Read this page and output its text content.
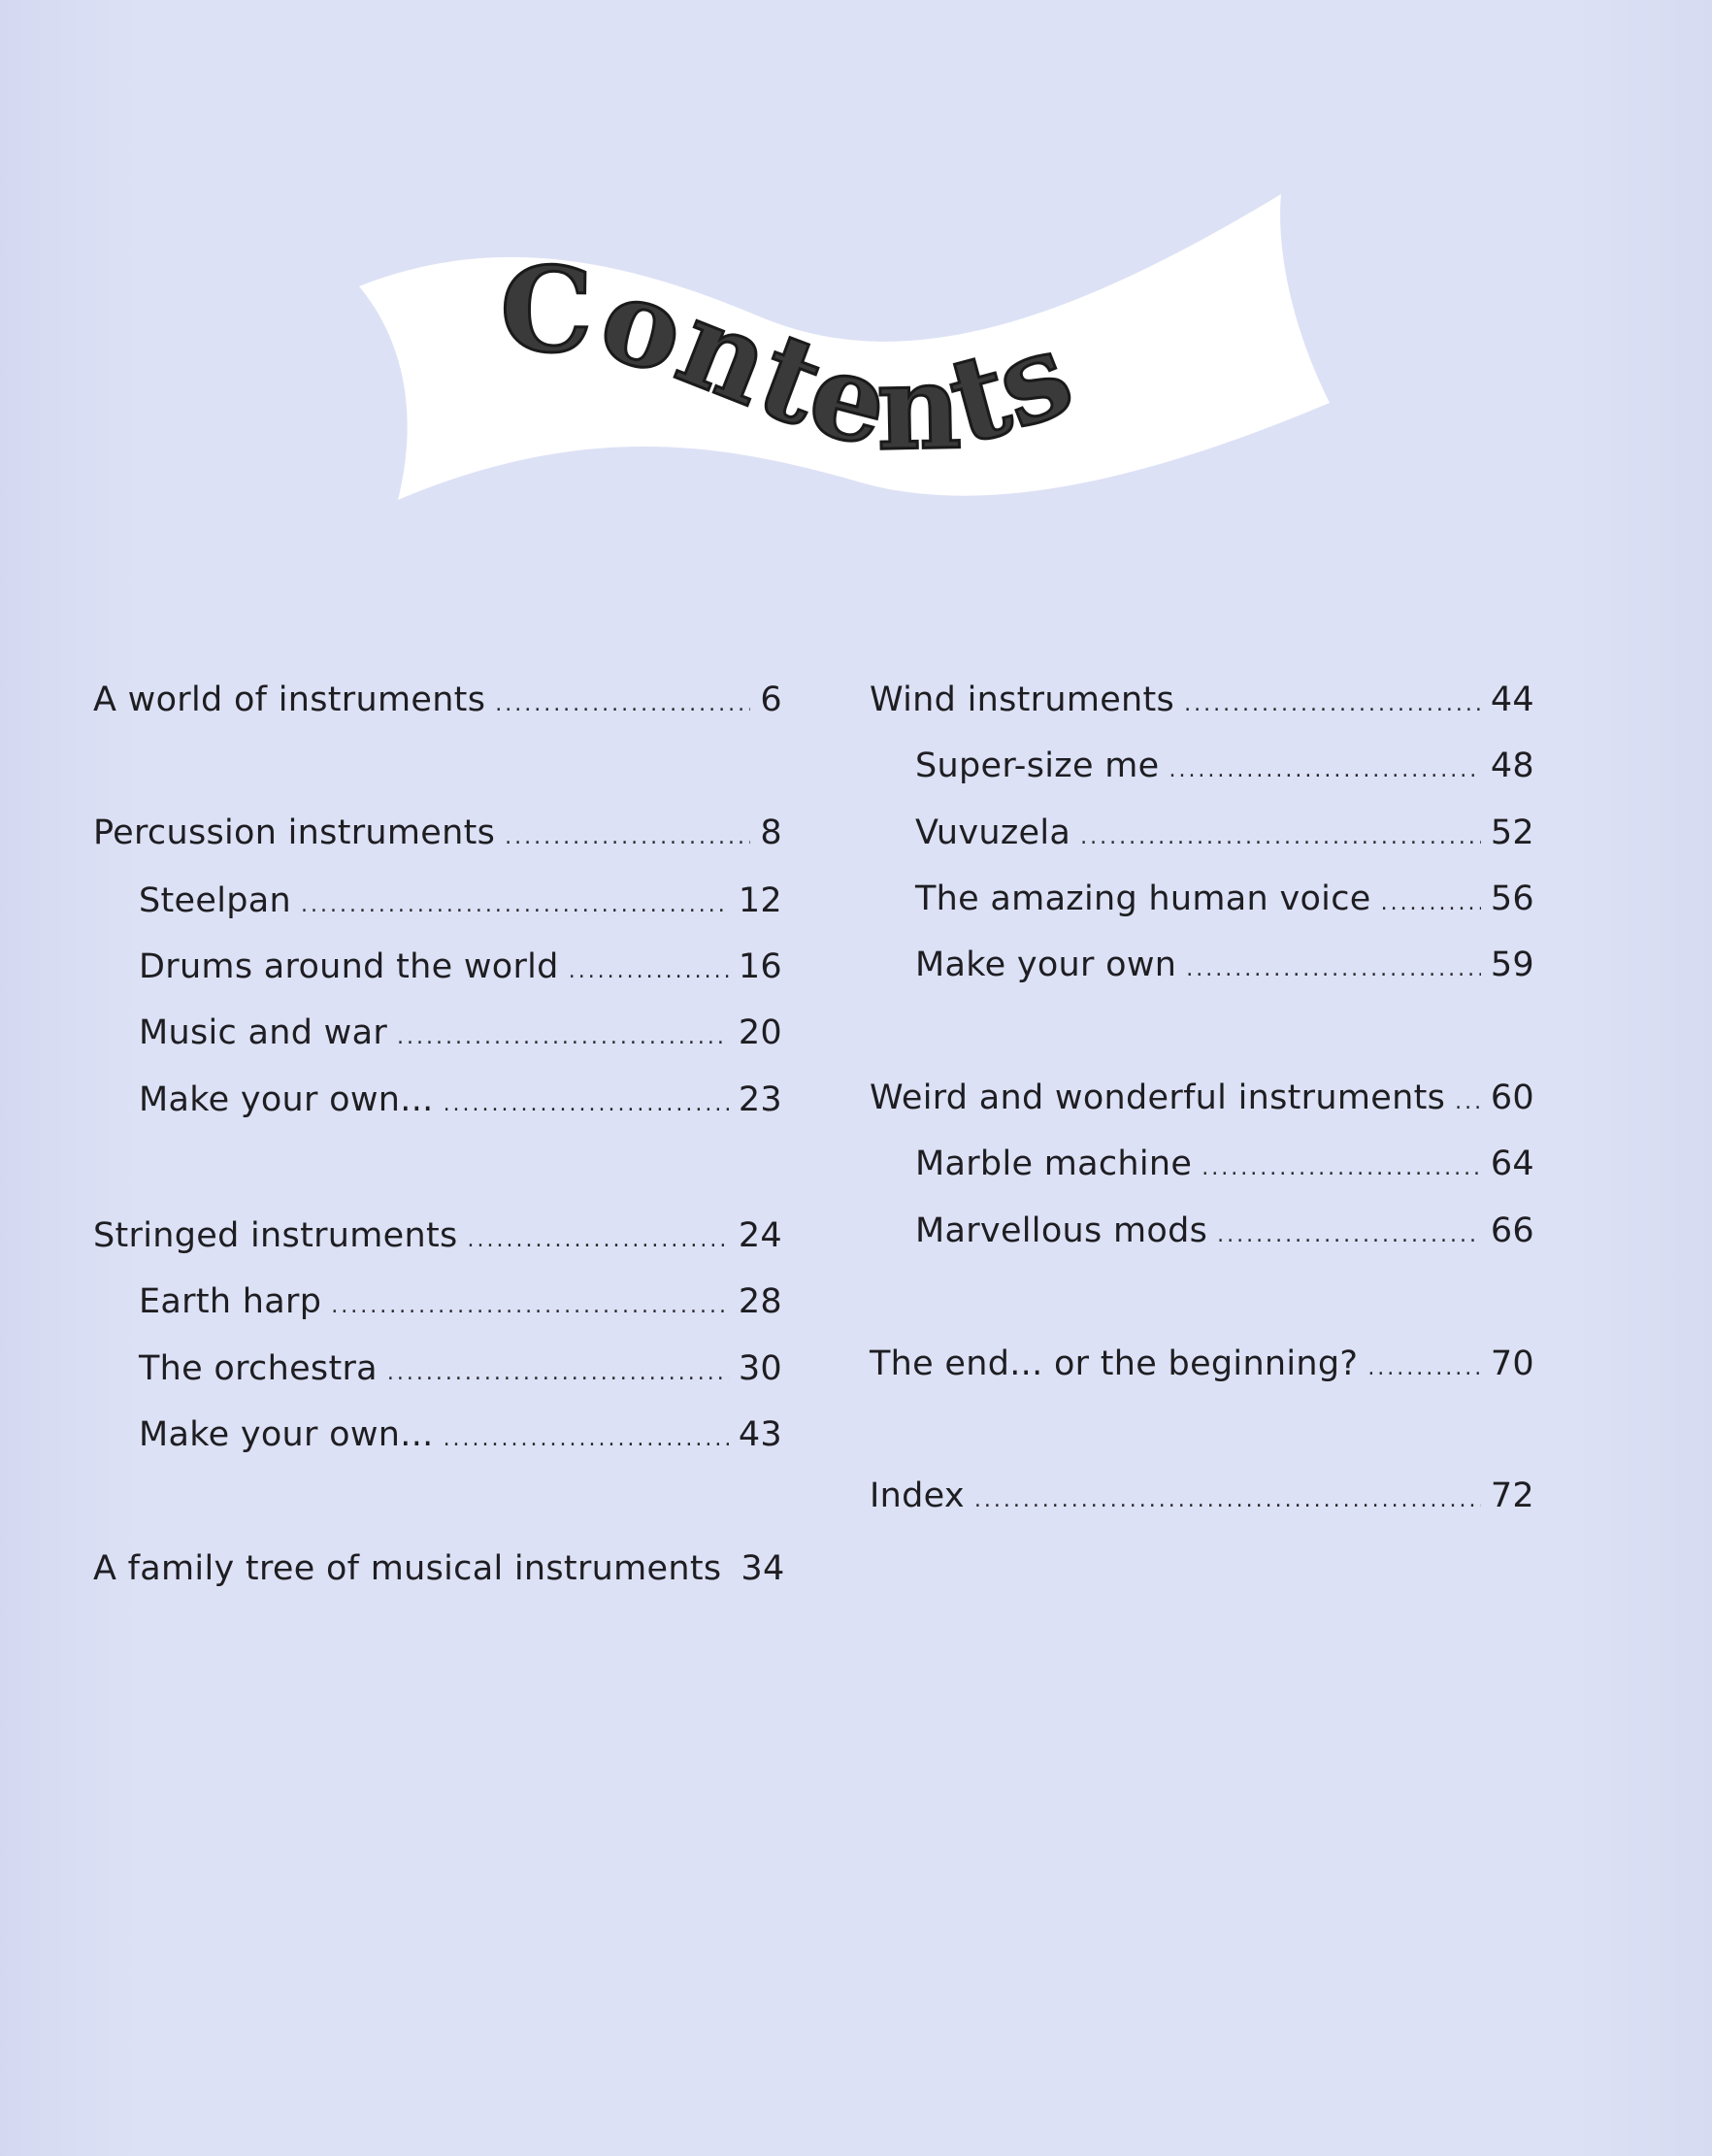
Contents
A world of instruments .....	6
Percussion instruments .....	8
Steelpan .....	12
Drums around the world .....	16
Music and war .....	20
Make your own... .....	23
Stringed instruments .....	24
Earth harp .....	28
The orchestra .....	30
Make your own... .....	43
A family tree of musical instruments 34
Wind instruments .....	44
Super-size me .....	48
Vuvuzela .....	52
The amazing human voice .....	56
Make your own .....	59
Weird and wonderful instruments ..... 60
Marble machine .....	64
Marvellous mods .....	66
The end... or the beginning? .....	70
Index .....	72
